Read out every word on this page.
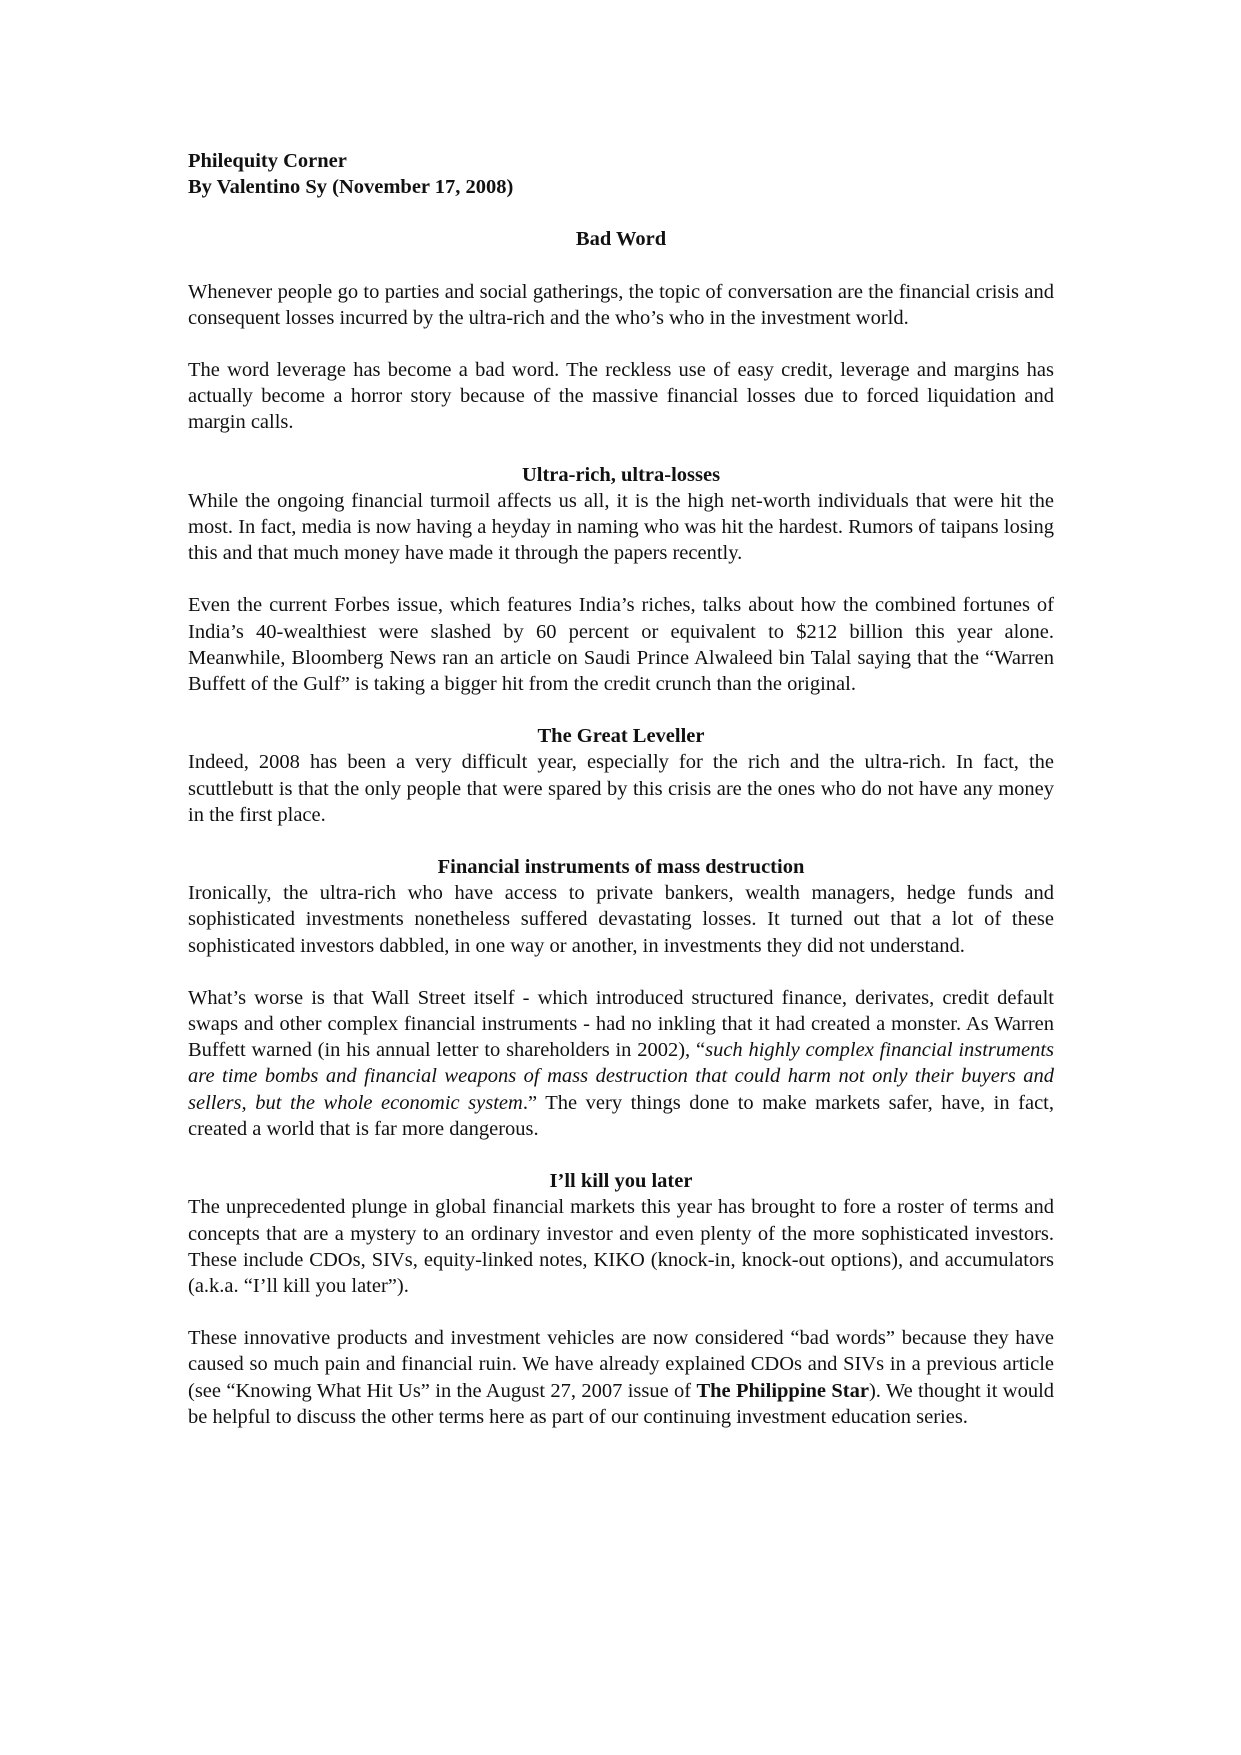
Philequity Corner
By Valentino Sy (November 17, 2008)
Bad Word

Whenever people go to parties and social gatherings, the topic of conversation are the financial crisis and consequent losses incurred by the ultra-rich and the who’s who in the investment world.

The word leverage has become a bad word. The reckless use of easy credit, leverage and margins has actually become a horror story because of the massive financial losses due to forced liquidation and margin calls.

Ultra-rich, ultra-losses

While the ongoing financial turmoil affects us all, it is the high net-worth individuals that were hit the most. In fact, media is now having a heyday in naming who was hit the hardest. Rumors of taipans losing this and that much money have made it through the papers recently.

Even the current Forbes issue, which features India’s riches, talks about how the combined fortunes of India’s 40-wealthiest were slashed by 60 percent or equivalent to $212 billion this year alone. Meanwhile, Bloomberg News ran an article on Saudi Prince Alwaleed bin Talal saying that the “Warren Buffett of the Gulf” is taking a bigger hit from the credit crunch than the original.

The Great Leveller

Indeed, 2008 has been a very difficult year, especially for the rich and the ultra-rich. In fact, the scuttlebutt is that the only people that were spared by this crisis are the ones who do not have any money in the first place.

Financial instruments of mass destruction

Ironically, the ultra-rich who have access to private bankers, wealth managers, hedge funds and sophisticated investments nonetheless suffered devastating losses. It turned out that a lot of these sophisticated investors dabbled, in one way or another, in investments they did not understand.

What’s worse is that Wall Street itself - which introduced structured finance, derivates, credit default swaps and other complex financial instruments - had no inkling that it had created a monster. As Warren Buffett warned (in his annual letter to shareholders in 2002), “such highly complex financial instruments are time bombs and financial weapons of mass destruction that could harm not only their buyers and sellers, but the whole economic system.” The very things done to make markets safer, have, in fact, created a world that is far more dangerous.

I’ll kill you later

The unprecedented plunge in global financial markets this year has brought to fore a roster of terms and concepts that are a mystery to an ordinary investor and even plenty of the more sophisticated investors. These include CDOs, SIVs, equity-linked notes, KIKO (knock-in, knock-out options), and accumulators (a.k.a. “I’ll kill you later”).

These innovative products and investment vehicles are now considered “bad words” because they have caused so much pain and financial ruin. We have already explained CDOs and SIVs in a previous article (see “Knowing What Hit Us” in the August 27, 2007 issue of The Philippine Star). We thought it would be helpful to discuss the other terms here as part of our continuing investment education series.
